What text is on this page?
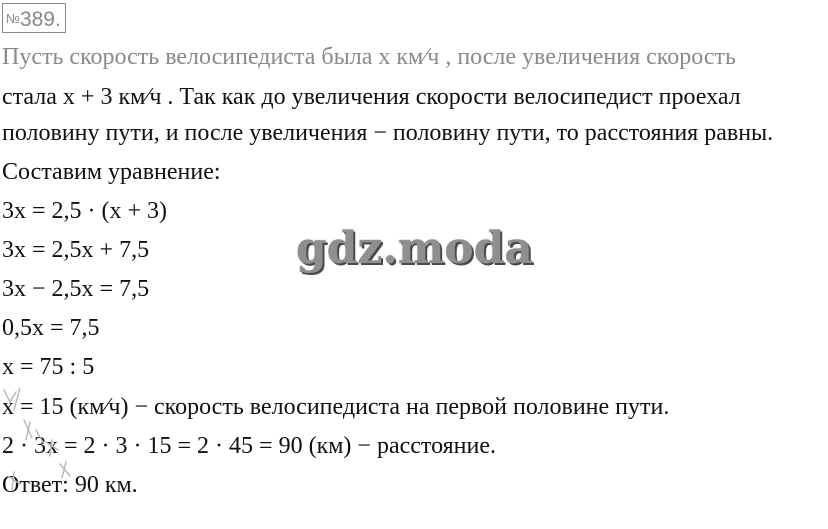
№389.
Пусть скорость велосипедиста была x км⁄ч , после увеличения скорость
стала x + 3 км⁄ч . Так как до увеличения скорости велосипедист проехал
половину пути, и после увеличения − половину пути, то расстояния равны.
Составим уравнение:
3x = 2,5 · (x + 3)
3x = 2,5x + 7,5
3x − 2,5x = 7,5
0,5x = 7,5
x = 75 : 5
x = 15 (км⁄ч) − скорость велосипедиста на первой половине пути.
2 · 3x = 2 · 3 · 15 = 2 · 45 = 90 (км) − расстояние.
Ответ: 90 км.
gdz.moda
